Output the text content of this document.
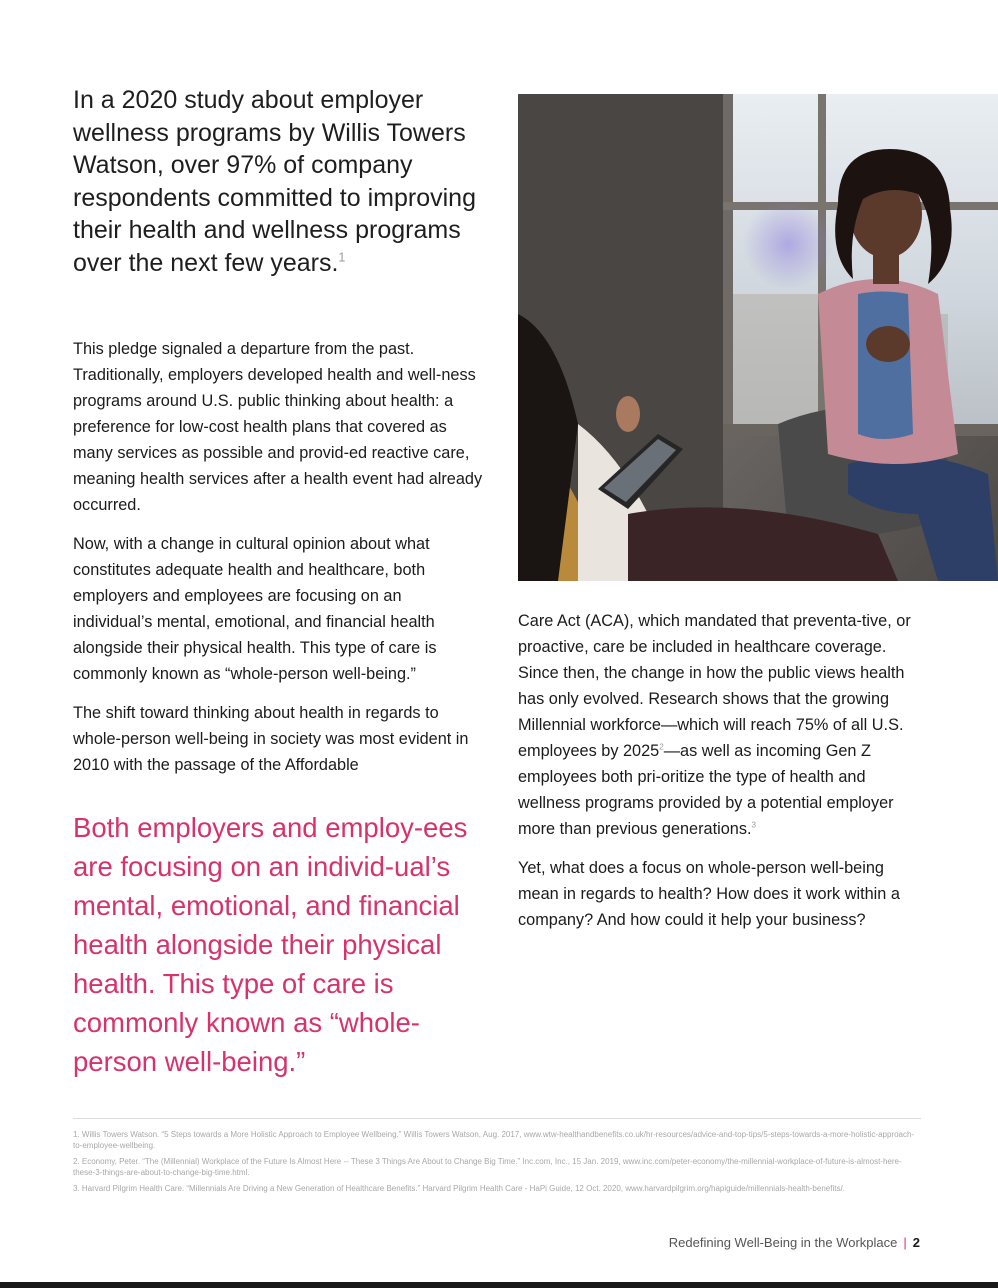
In a 2020 study about employer wellness programs by Willis Towers Watson, over 97% of company respondents committed to improving their health and wellness programs over the next few years.$^1$

This pledge signaled a departure from the past. Traditionally, employers developed health and well-ness programs around U.S. public thinking about health: a preference for low-cost health plans that covered as many services as possible and provid-ed reactive care, meaning health services after a health event had already occurred.

Now, with a change in cultural opinion about what constitutes adequate health and healthcare, both employers and employees are focusing on an individual’s mental, emotional, and financial health alongside their physical health. This type of care is commonly known as “whole-person well-being.”

The shift toward thinking about health in regards to whole-person well-being in society was most evident in 2010 with the passage of the Affordable

Both employers and employ-ees are focusing on an individ-ual’s mental, emotional, and financial health alongside their physical health. This type of care is commonly known as “whole-person well-being.”

Care Act (ACA), which mandated that preventa-tive, or proactive, care be included in healthcare coverage. Since then, the change in how the public views health has only evolved. Research shows that the growing Millennial workforce—which will reach 75% of all U.S. employees by 2025$^2$—as well as incoming Gen Z employees both pri-oritize the type of health and wellness programs provided by a potential employer more than previous generations.$^3$

Yet, what does a focus on whole-person well-being mean in regards to health? How does it work within a company? And how could it help your business?

1. Willis Towers Watson. “5 Steps towards a More Holistic Approach to Employee Wellbeing.” Willis Towers Watson, Aug. 2017, www.wtw-healthandbenefits.co.uk/hr-resources/advice-and-top-tips/5-steps-towards-a-more-holistic-approach-to-employee-wellbeing.

2. Economy, Peter. “The (Millennial) Workplace of the Future Is Almost Here -- These 3 Things Are About to Change Big Time.” Inc.com, Inc., 15 Jan. 2019, www.inc.com/peter-economy/the-millennial-workplace-of-future-is-almost-here-these-3-things-are-about-to-change-big-time.html.

3. Harvard Pilgrim Health Care. “Millennials Are Driving a New Generation of Healthcare Benefits.” Harvard Pilgrim Health Care - HaPi Guide, 12 Oct. 2020, www.harvardpilgrim.org/hapiguide/millennials-health-benefits/.

Redefining Well-Being in the Workplace | 2
